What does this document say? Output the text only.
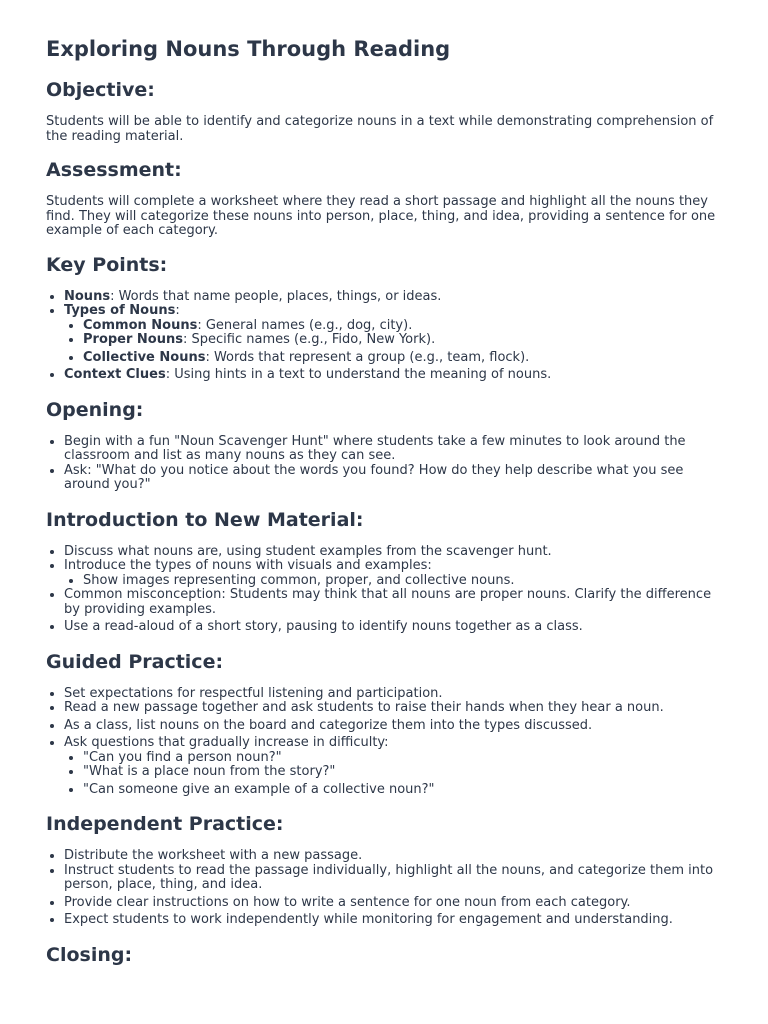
Exploring Nouns Through Reading
Objective:

Students will be able to identify and categorize nouns in a text while demonstrating comprehension of the reading material.

Assessment:

Students will complete a worksheet where they read a short passage and highlight all the nouns they find. They will categorize these nouns into person, place, thing, and idea, providing a sentence for one example of each category.

Key Points:
• Nouns: Words that name people, places, things, or ideas.
• Types of Nouns:
• Common Nouns: General names (e.g., dog, city).
• Proper Nouns: Specific names (e.g., Fido, New York).
• Collective Nouns: Words that represent a group (e.g., team, flock).
• Context Clues: Using hints in a text to understand the meaning of nouns.
Opening:
• Begin with a fun "Noun Scavenger Hunt" where students take a few minutes to look around the classroom and list as many nouns as they can see.
• Ask: "What do you notice about the words you found? How do they help describe what you see around you?"
Introduction to New Material:
• Discuss what nouns are, using student examples from the scavenger hunt.
• Introduce the types of nouns with visuals and examples:
• Show images representing common, proper, and collective nouns.
• Common misconception: Students may think that all nouns are proper nouns. Clarify the difference by providing examples.
• Use a read-aloud of a short story, pausing to identify nouns together as a class.
Guided Practice:
• Set expectations for respectful listening and participation.
• Read a new passage together and ask students to raise their hands when they hear a noun.
• As a class, list nouns on the board and categorize them into the types discussed.
• Ask questions that gradually increase in difficulty:
• "Can you find a person noun?"
• "What is a place noun from the story?"
• "Can someone give an example of a collective noun?"
Independent Practice:
• Distribute the worksheet with a new passage.
• Instruct students to read the passage individually, highlight all the nouns, and categorize them into person, place, thing, and idea.
• Provide clear instructions on how to write a sentence for one noun from each category.
• Expect students to work independently while monitoring for engagement and understanding.
Closing:
